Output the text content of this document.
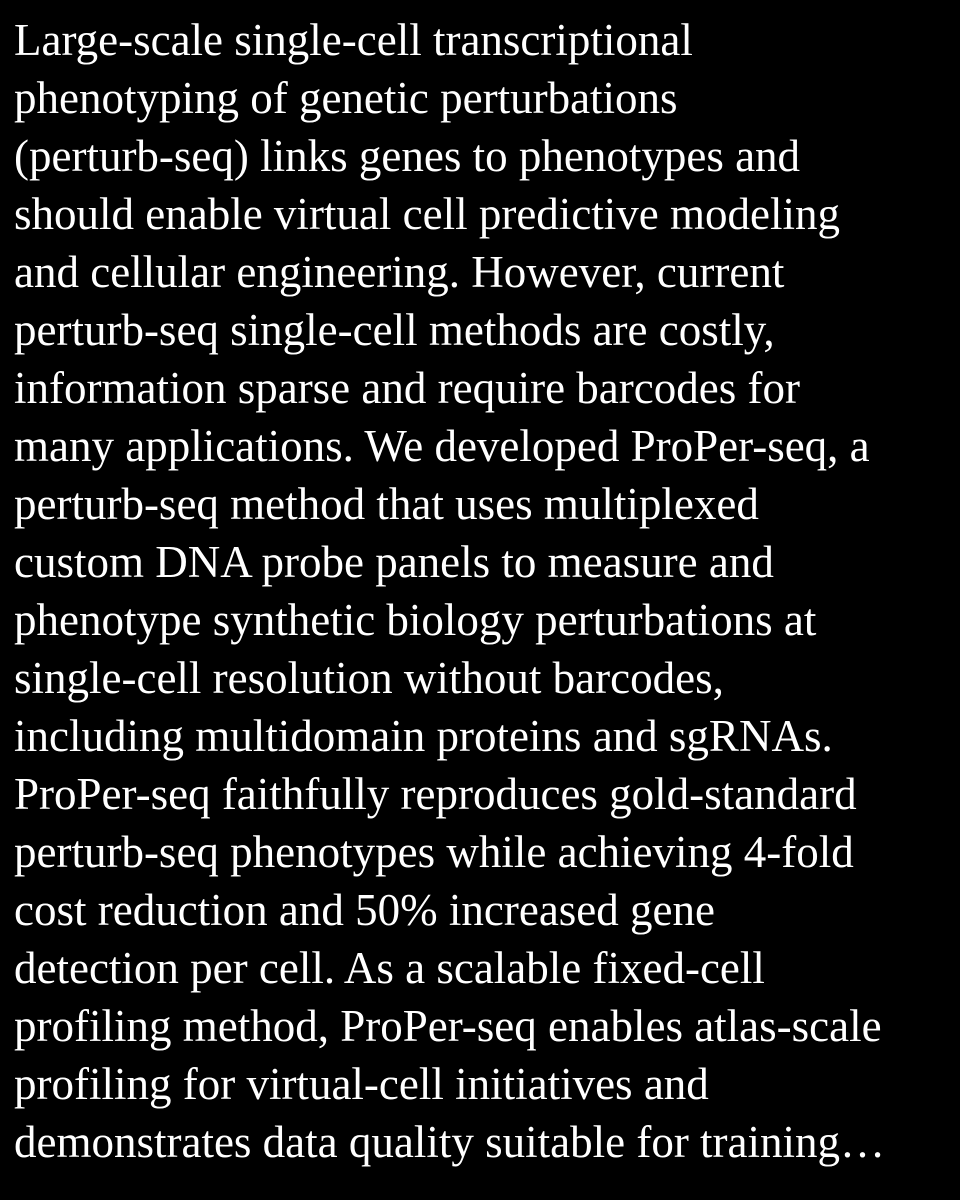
Large-scale single-cell transcriptional
phenotyping of genetic perturbations
(perturb-seq) links genes to phenotypes and
should enable virtual cell predictive modeling
and cellular engineering. However, current
perturb-seq single-cell methods are costly,
information sparse and require barcodes for
many applications. We developed ProPer-seq, a
perturb-seq method that uses multiplexed
custom DNA probe panels to measure and
phenotype synthetic biology perturbations at
single-cell resolution without barcodes,
including multidomain proteins and sgRNAs.
ProPer-seq faithfully reproduces gold-standard
perturb-seq phenotypes while achieving 4-fold
cost reduction and 50% increased gene
detection per cell. As a scalable fixed-cell
profiling method, ProPer-seq enables atlas-scale
profiling for virtual-cell initiatives and
demonstrates data quality suitable for training…
